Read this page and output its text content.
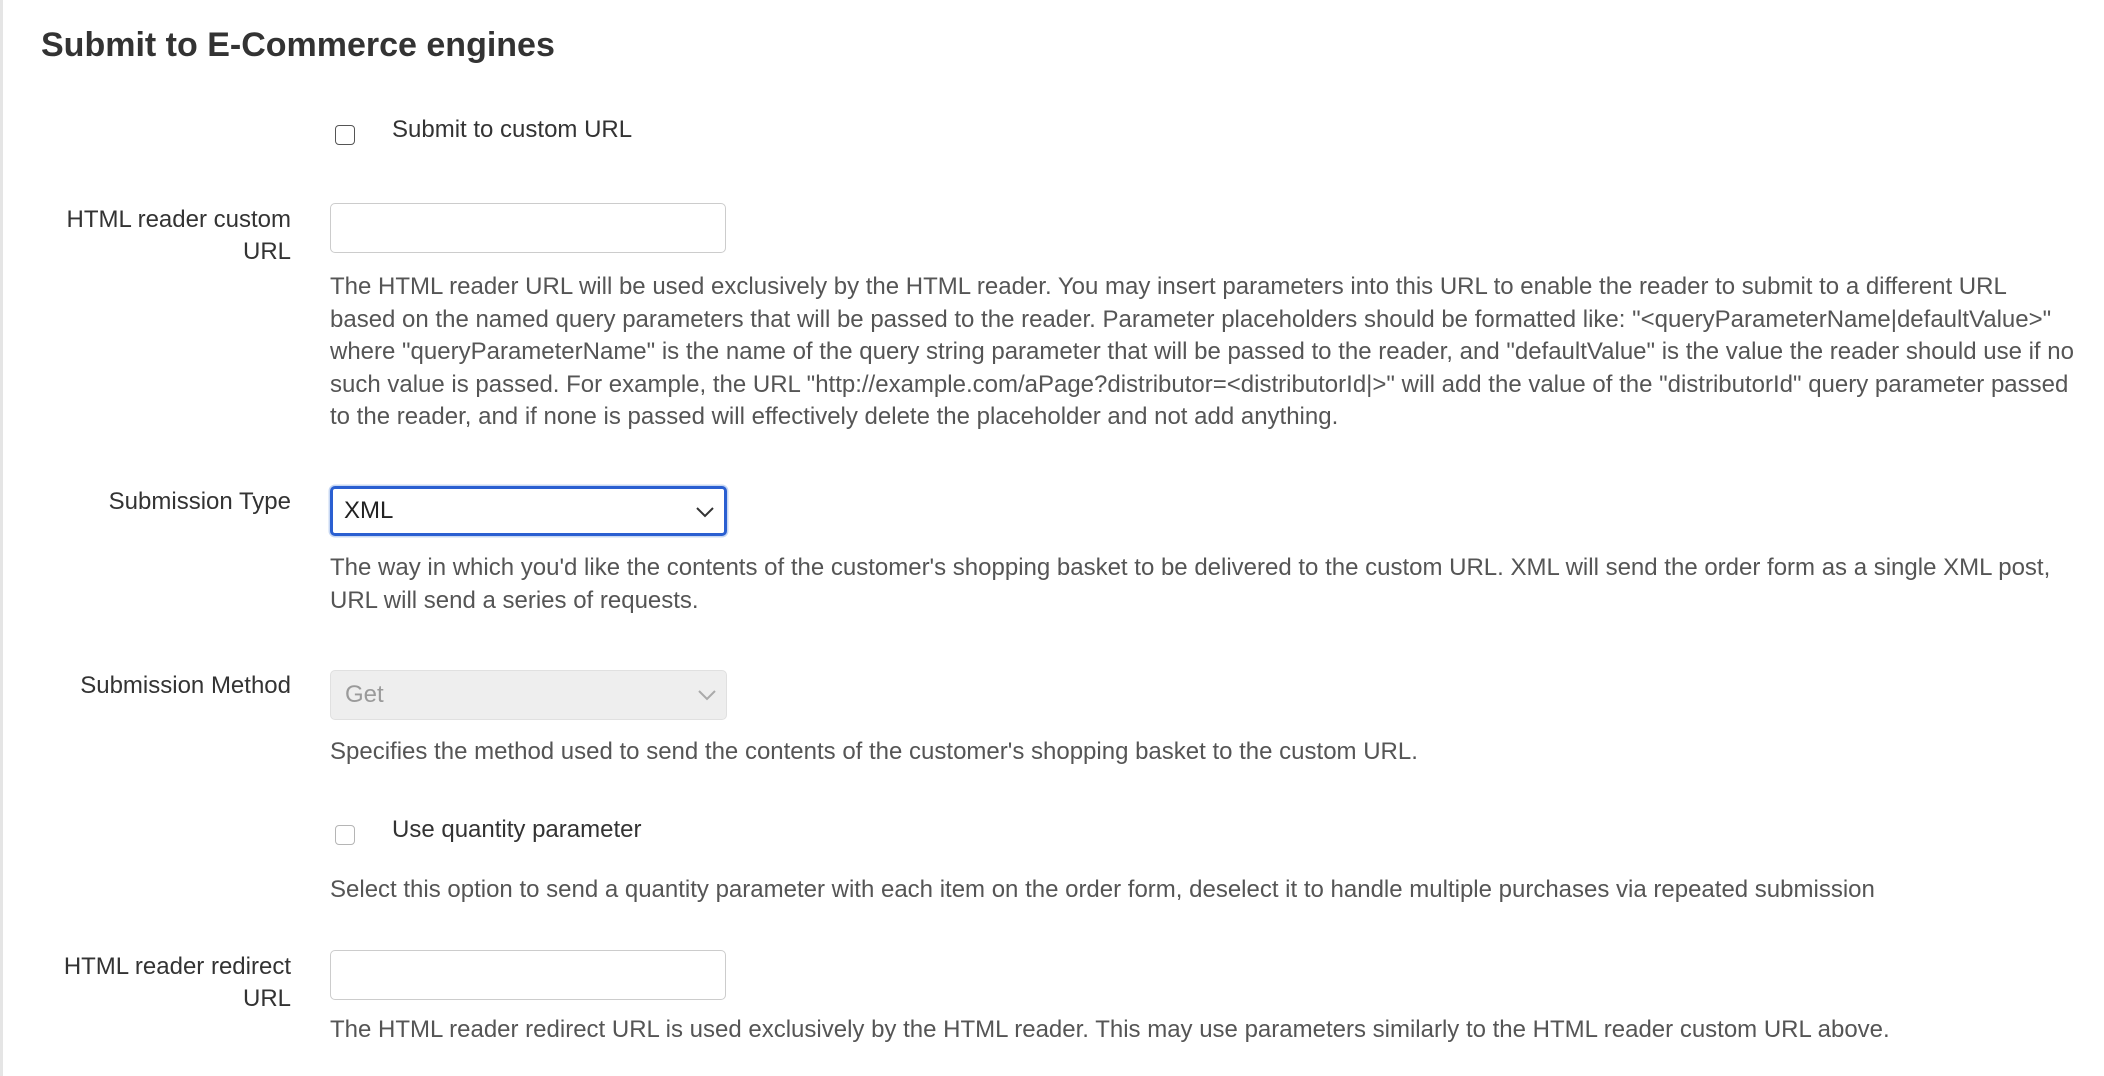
Submit to E-Commerce engines
Submit to custom URL
HTML reader custom
URL
The HTML reader URL will be used exclusively by the HTML reader. You may insert parameters into this URL to enable the reader to submit to a different URL based on the named query parameters that will be passed to the reader. Parameter placeholders should be formatted like: "<queryParameterName|defaultValue>" where "queryParameterName" is the name of the query string parameter that will be passed to the reader, and "defaultValue" is the value the reader should use if no such value is passed. For example, the URL "http://example.com/aPage?distributor=<distributorId|>" will add the value of the "distributorId" query parameter passed to the reader, and if none is passed will effectively delete the placeholder and not add anything.
Submission Type XML
The way in which you'd like the contents of the customer's shopping basket to be delivered to the custom URL. XML will send the order form as a single XML post, URL will send a series of requests.
Submission Method Get
Specifies the method used to send the contents of the customer's shopping basket to the custom URL.
Use quantity parameter
Select this option to send a quantity parameter with each item on the order form, deselect it to handle multiple purchases via repeated submission
HTML reader redirect
URL
The HTML reader redirect URL is used exclusively by the HTML reader. This may use parameters similarly to the HTML reader custom URL above.
